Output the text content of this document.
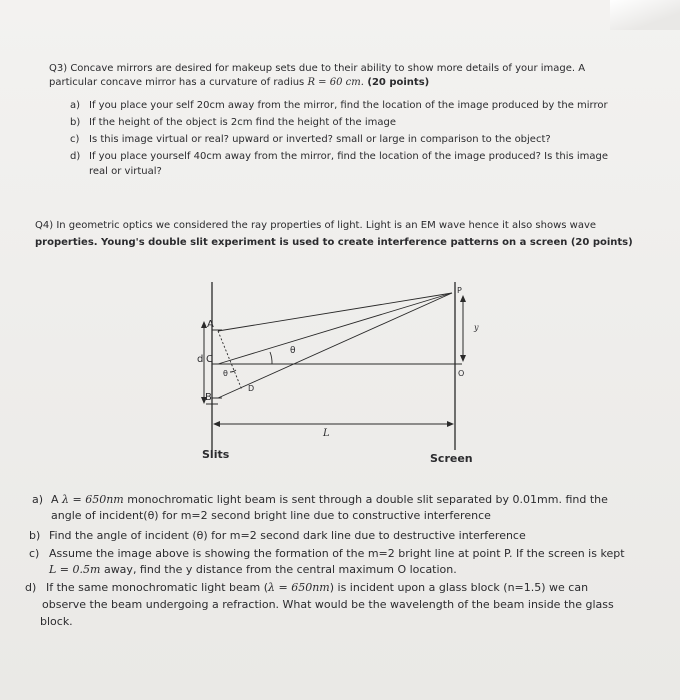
Q3) Concave mirrors are desired for makeup sets due to their ability to show more details of your image. A
particular concave mirror has a curvature of radius R = 60 cm. (20 points)
a) If you place your self 20cm away from the mirror, find the location of the image produced by the mirror
b) If the height of the object is 2cm find the height of the image
c) Is this image virtual or real? upward or inverted? small or large in comparison to the object?
d) If you place yourself 40cm away from the mirror, find the location of the image produced? Is this image
real or virtual?
Q4) In geometric optics we considered the ray properties of light. Light is an EM wave hence it also shows wave
properties. Young's double slit experiment is used to create interference patterns on a screen (20 points)
A
d C
B
θ
θ
D
P
y
O
L
Slits	Screen
a) A λ = 650nm monochromatic light beam is sent through a double slit separated by 0.01mm. find the
angle of incident(θ) for m=2 second bright line due to constructive interference
b) Find the angle of incident (θ) for m=2 second dark line due to destructive interference
c) Assume the image above is showing the formation of the m=2 bright line at point P. If the screen is kept
L = 0.5m away, find the y distance from the central maximum O location.
d) If the same monochromatic light beam (λ = 650nm) is incident upon a glass block (n=1.5) we can
observe the beam undergoing a refraction. What would be the wavelength of the beam inside the glass
block.
